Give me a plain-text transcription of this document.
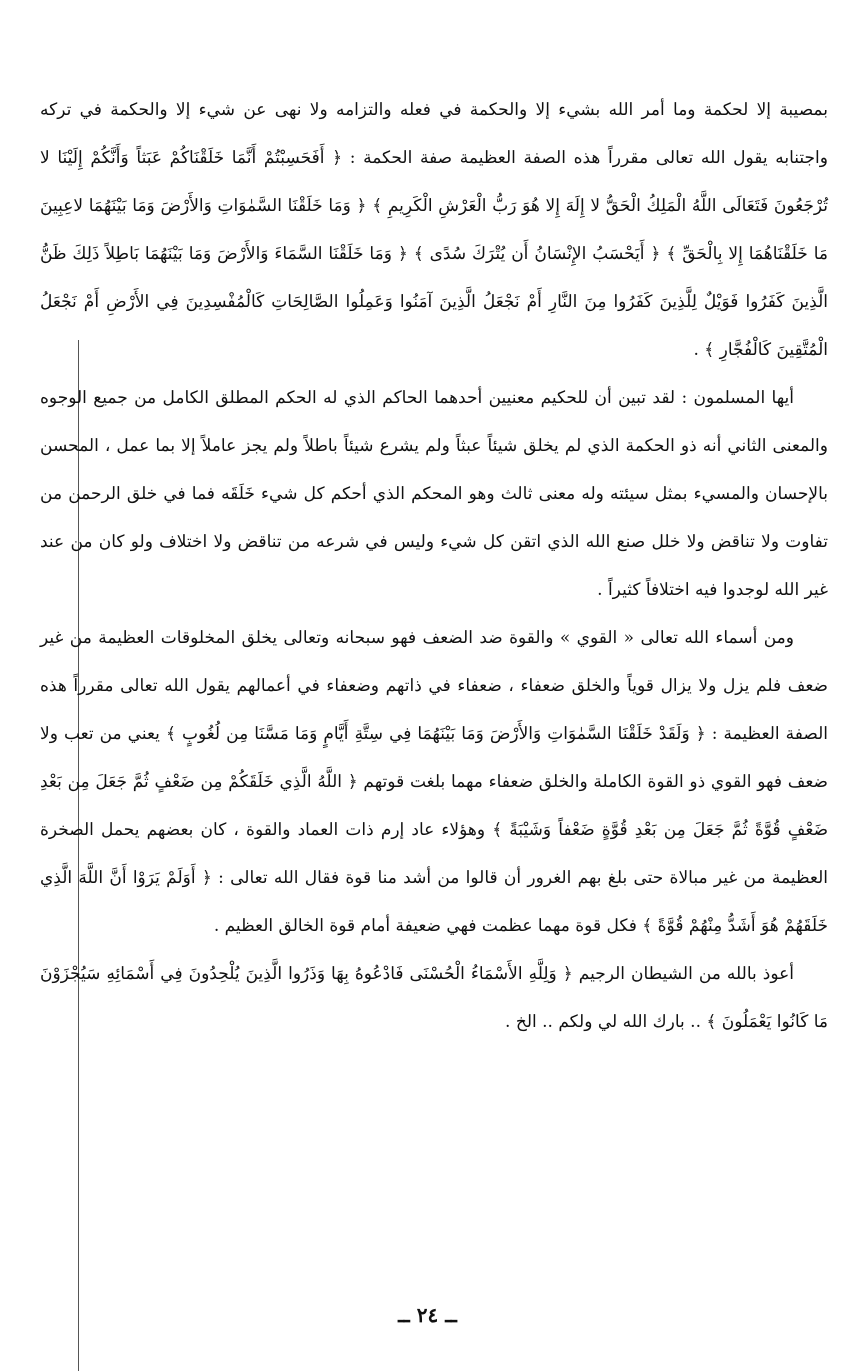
بمصيبة إلا لحكمة وما أمر الله بشيء إلا والحكمة في فعله والتزامه ولا نهى عن شيء إلا والحكمة في تركه واجتنابه يقول الله تعالى مقرراً هذه الصفة العظيمة صفة الحكمة : ﴿ أَفَحَسِبْتُمْ أَنَّمَا خَلَقْنَاكُمْ عَبَثاً وَأَنَّكُمْ إِلَيْنَا لا تُرْجَعُونَ فَتَعَالَى اللَّهُ الْمَلِكُ الْحَقُّ لا إِلَهَ إِلا هُوَ رَبُّ الْعَرْشِ الْكَرِيمِ ﴾ ﴿ وَمَا خَلَقْنَا السَّمٰوَاتِ وَالأَرْضَ وَمَا بَيْنَهُمَا لاعِبِينَ مَا خَلَقْنَاهُمَا إِلا بِالْحَقِّ ﴾ ﴿ أَيَحْسَبُ الإِنْسَانُ أَن يُتْرَكَ سُدًى ﴾ ﴿ وَمَا خَلَقْنَا السَّمَاءَ وَالأَرْضَ وَمَا بَيْنَهُمَا بَاطِلاً ذَلِكَ ظَنُّ الَّذِينَ كَفَرُوا فَوَيْلٌ لِلَّذِينَ كَفَرُوا مِنَ النَّارِ أَمْ نَجْعَلُ الَّذِينَ آمَنُوا وَعَمِلُوا الصَّالِحَاتِ كَالْمُفْسِدِينَ فِي الأَرْضِ أَمْ نَجْعَلُ الْمُتَّقِينَ كَالْفُجَّارِ ﴾ .

أيها المسلمون : لقد تبين أن للحكيم معنيين أحدهما الحاكم الذي له الحكم المطلق الكامل من جميع الوجوه والمعنى الثاني أنه ذو الحكمة الذي لم يخلق شيئاً عبثاً ولم يشرع شيئاً باطلاً ولم يجز عاملاً إلا بما عمل ، المحسن بالإحسان والمسيء بمثل سيئته وله معنى ثالث وهو المحكم الذي أحكم كل شيء خَلَقَه فما في خلق الرحمن من تفاوت ولا تناقض ولا خلل صنع الله الذي اتقن كل شيء وليس في شرعه من تناقض ولا اختلاف ولو كان من عند غير الله لوجدوا فيه اختلافاً كثيراً .

ومن أسماء الله تعالى « القوي » والقوة ضد الضعف فهو سبحانه وتعالى يخلق المخلوقات العظيمة من غير ضعف فلم يزل ولا يزال قوياً والخلق ضعفاء ، ضعفاء في ذاتهم وضعفاء في أعمالهم يقول الله تعالى مقرراً هذه الصفة العظيمة : ﴿ وَلَقَدْ خَلَقْنَا السَّمٰوَاتِ وَالأَرْضَ وَمَا بَيْنَهُمَا فِي سِتَّةِ أَيَّامٍ وَمَا مَسَّنَا مِن لُغُوبٍ ﴾ يعني من تعب ولا ضعف فهو القوي ذو القوة الكاملة والخلق ضعفاء مهما بلغت قوتهم ﴿ اللَّهُ الَّذِي خَلَقَكُمْ مِن ضَعْفٍ ثُمَّ جَعَلَ مِن بَعْدِ ضَعْفٍ قُوَّةً ثُمَّ جَعَلَ مِن بَعْدِ قُوَّةٍ ضَعْفاً وَشَيْبَةً ﴾ وهؤلاء عاد إرم ذات العماد والقوة ، كان بعضهم يحمل الصخرة العظيمة من غير مبالاة حتى بلغ بهم الغرور أن قالوا من أشد منا قوة فقال الله تعالى : ﴿ أَوَلَمْ يَرَوْا أَنَّ اللَّهَ الَّذِي خَلَقَهُمْ هُوَ أَشَدُّ مِنْهُمْ قُوَّةً ﴾ فكل قوة مهما عظمت فهي ضعيفة أمام قوة الخالق العظيم .

أعوذ بالله من الشيطان الرجيم ﴿ وَلِلَّهِ الأَسْمَاءُ الْحُسْنَى فَادْعُوهُ بِهَا وَذَرُوا الَّذِينَ يُلْحِدُونَ فِي أَسْمَائِهِ سَيُجْزَوْنَ مَا كَانُوا يَعْمَلُونَ ﴾ .. بارك الله لي ولكم .. الخ .

ــ ٢٤ ــ
